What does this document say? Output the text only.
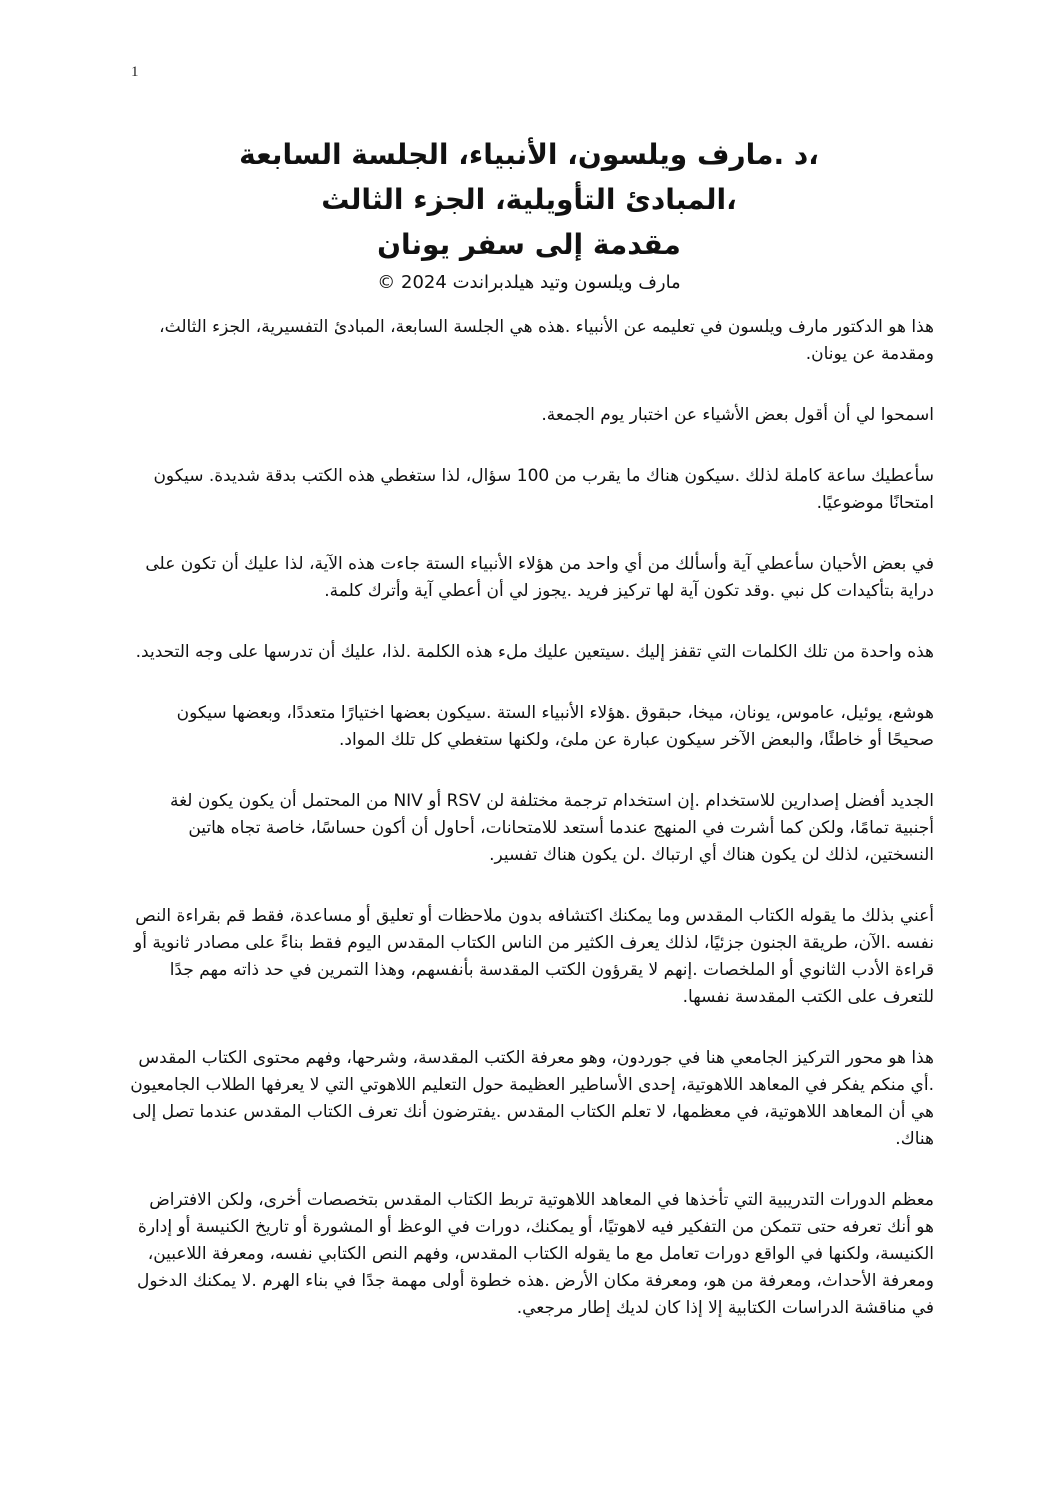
1
،د .مارف ويلسون، الأنبياء، الجلسة السابعة
،المبادئ التأويلية، الجزء الثالث
مقدمة إلى سفر يونان
مارف ويلسون وتيد هيلدبراندت 2024 ©

هذا هو الدكتور مارف ويلسون في تعليمه عن الأنبياء .هذه هي الجلسة السابعة، المبادئ التفسيرية، الجزء الثالث، ومقدمة عن يونان.

اسمحوا لي أن أقول بعض الأشياء عن اختبار يوم الجمعة.

سأعطيك ساعة كاملة لذلك .سيكون هناك ما يقرب من 100 سؤال، لذا ستغطي هذه الكتب بدقة شديدة. سيكون امتحانًا موضوعيًا.

في بعض الأحيان سأعطي آية وأسألك من أي واحد من هؤلاء الأنبياء الستة جاءت هذه الآية، لذا عليك أن تكون على دراية بتأكيدات كل نبي .وقد تكون آية لها تركيز فريد .يجوز لي أن أعطي آية وأترك كلمة.

هذه واحدة من تلك الكلمات التي تقفز إليك .سيتعين عليك ملء هذه الكلمة .لذا، عليك أن تدرسها على وجه التحديد.

هوشع، يوئيل، عاموس، يونان، ميخا، حبقوق .هؤلاء الأنبياء الستة .سيكون بعضها اختيارًا متعددًا، وبعضها سيكون صحيحًا أو خاطئًا، والبعض الآخر سيكون عبارة عن ملئ، ولكنها ستغطي كل تلك المواد.

الجديد أفضل إصدارين للاستخدام .إن استخدام ترجمة مختلفة لن RSV أو NIV من المحتمل أن يكون يكون لغة أجنبية تمامًا، ولكن كما أشرت في المنهج عندما أستعد للامتحانات، أحاول أن أكون حساسًا، خاصة تجاه هاتين النسختين، لذلك لن يكون هناك أي ارتباك .لن يكون هناك تفسير.

أعني بذلك ما يقوله الكتاب المقدس وما يمكنك اكتشافه بدون ملاحظات أو تعليق أو مساعدة، فقط قم بقراءة النص نفسه .الآن، طريقة الجنون جزئيًا، لذلك يعرف الكثير من الناس الكتاب المقدس اليوم فقط بناءً على مصادر ثانوية أو قراءة الأدب الثانوي أو الملخصات .إنهم لا يقرؤون الكتب المقدسة بأنفسهم، وهذا التمرين في حد ذاته مهم جدًا للتعرف على الكتب المقدسة نفسها.

هذا هو محور التركيز الجامعي هنا في جوردون، وهو معرفة الكتب المقدسة، وشرحها، وفهم محتوى الكتاب المقدس .أي منكم يفكر في المعاهد اللاهوتية، إحدى الأساطير العظيمة حول التعليم اللاهوتي التي لا يعرفها الطلاب الجامعيون هي أن المعاهد اللاهوتية، في معظمها، لا تعلم الكتاب المقدس .يفترضون أنك تعرف الكتاب المقدس عندما تصل إلى هناك.

معظم الدورات التدريبية التي تأخذها في المعاهد اللاهوتية تربط الكتاب المقدس بتخصصات أخرى، ولكن الافتراض هو أنك تعرفه حتى تتمكن من التفكير فيه لاهوتيًا، أو يمكنك، دورات في الوعظ أو المشورة أو تاريخ الكنيسة أو إدارة الكنيسة، ولكنها في الواقع دورات تعامل مع ما يقوله الكتاب المقدس، وفهم النص الكتابي نفسه، ومعرفة اللاعبين، ومعرفة الأحداث، ومعرفة من هو، ومعرفة مكان الأرض .هذه خطوة أولى مهمة جدًا في بناء الهرم .لا يمكنك الدخول في مناقشة الدراسات الكتابية إلا إذا كان لديك إطار مرجعي.
